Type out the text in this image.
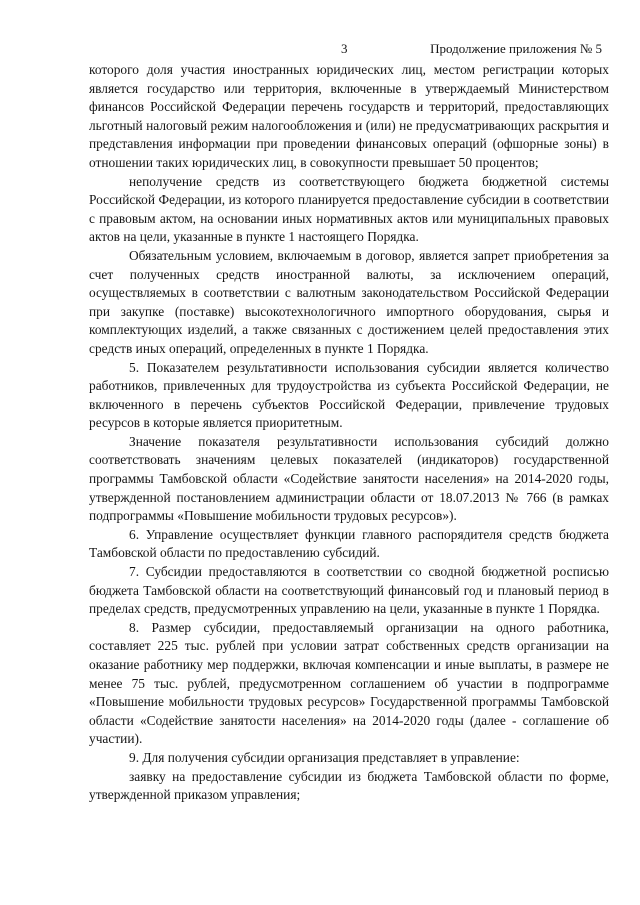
3	Продолжение приложения № 5

которого доля участия иностранных юридических лиц, местом регистрации которых является государство или территория, включенные в утверждаемый Министерством финансов Российской Федерации перечень государств и территорий, предоставляющих льготный налоговый режим налогообложения и (или) не предусматривающих раскрытия и представления информации при проведении финансовых операций (офшорные зоны) в отношении таких юридических лиц, в совокупности превышает 50 процентов;

неполучение средств из соответствующего бюджета бюджетной системы Российской Федерации, из которого планируется предоставление субсидии в соответствии с правовым актом, на основании иных нормативных актов или муниципальных правовых актов на цели, указанные в пункте 1 настоящего Порядка.

Обязательным условием, включаемым в договор, является запрет приобретения за счет полученных средств иностранной валюты, за исключением операций, осуществляемых в соответствии с валютным законодательством Российской Федерации при закупке (поставке) высокотехнологичного импортного оборудования, сырья и комплектующих изделий, а также связанных с достижением целей предоставления этих средств иных операций, определенных в пункте 1 Порядка.

5. Показателем результативности использования субсидии является количество работников, привлеченных для трудоустройства из субъекта Российской Федерации, не включенного в перечень субъектов Российской Федерации, привлечение трудовых ресурсов в которые является приоритетным.

Значение показателя результативности использования субсидий должно соответствовать значениям целевых показателей (индикаторов) государственной программы Тамбовской области «Содействие занятости населения» на 2014-2020 годы, утвержденной постановлением администрации области от 18.07.2013 № 766 (в рамках подпрограммы «Повышение мобильности трудовых ресурсов»).

6. Управление осуществляет функции главного распорядителя средств бюджета Тамбовской области по предоставлению субсидий.

7. Субсидии предоставляются в соответствии со сводной бюджетной росписью бюджета Тамбовской области на соответствующий финансовый год и плановый период в пределах средств, предусмотренных управлению на цели, указанные в пункте 1 Порядка.

8. Размер субсидии, предоставляемый организации на одного работника, составляет 225 тыс. рублей при условии затрат собственных средств организации на оказание работнику мер поддержки, включая компенсации и иные выплаты, в размере не менее 75 тыс. рублей, предусмотренном соглашением об участии в подпрограмме «Повышение мобильности трудовых ресурсов» Государственной программы Тамбовской области «Содействие занятости населения» на 2014-2020 годы (далее - соглашение об участии).

9. Для получения субсидии организация представляет в управление:

заявку на предоставление субсидии из бюджета Тамбовской области по форме, утвержденной приказом управления;
